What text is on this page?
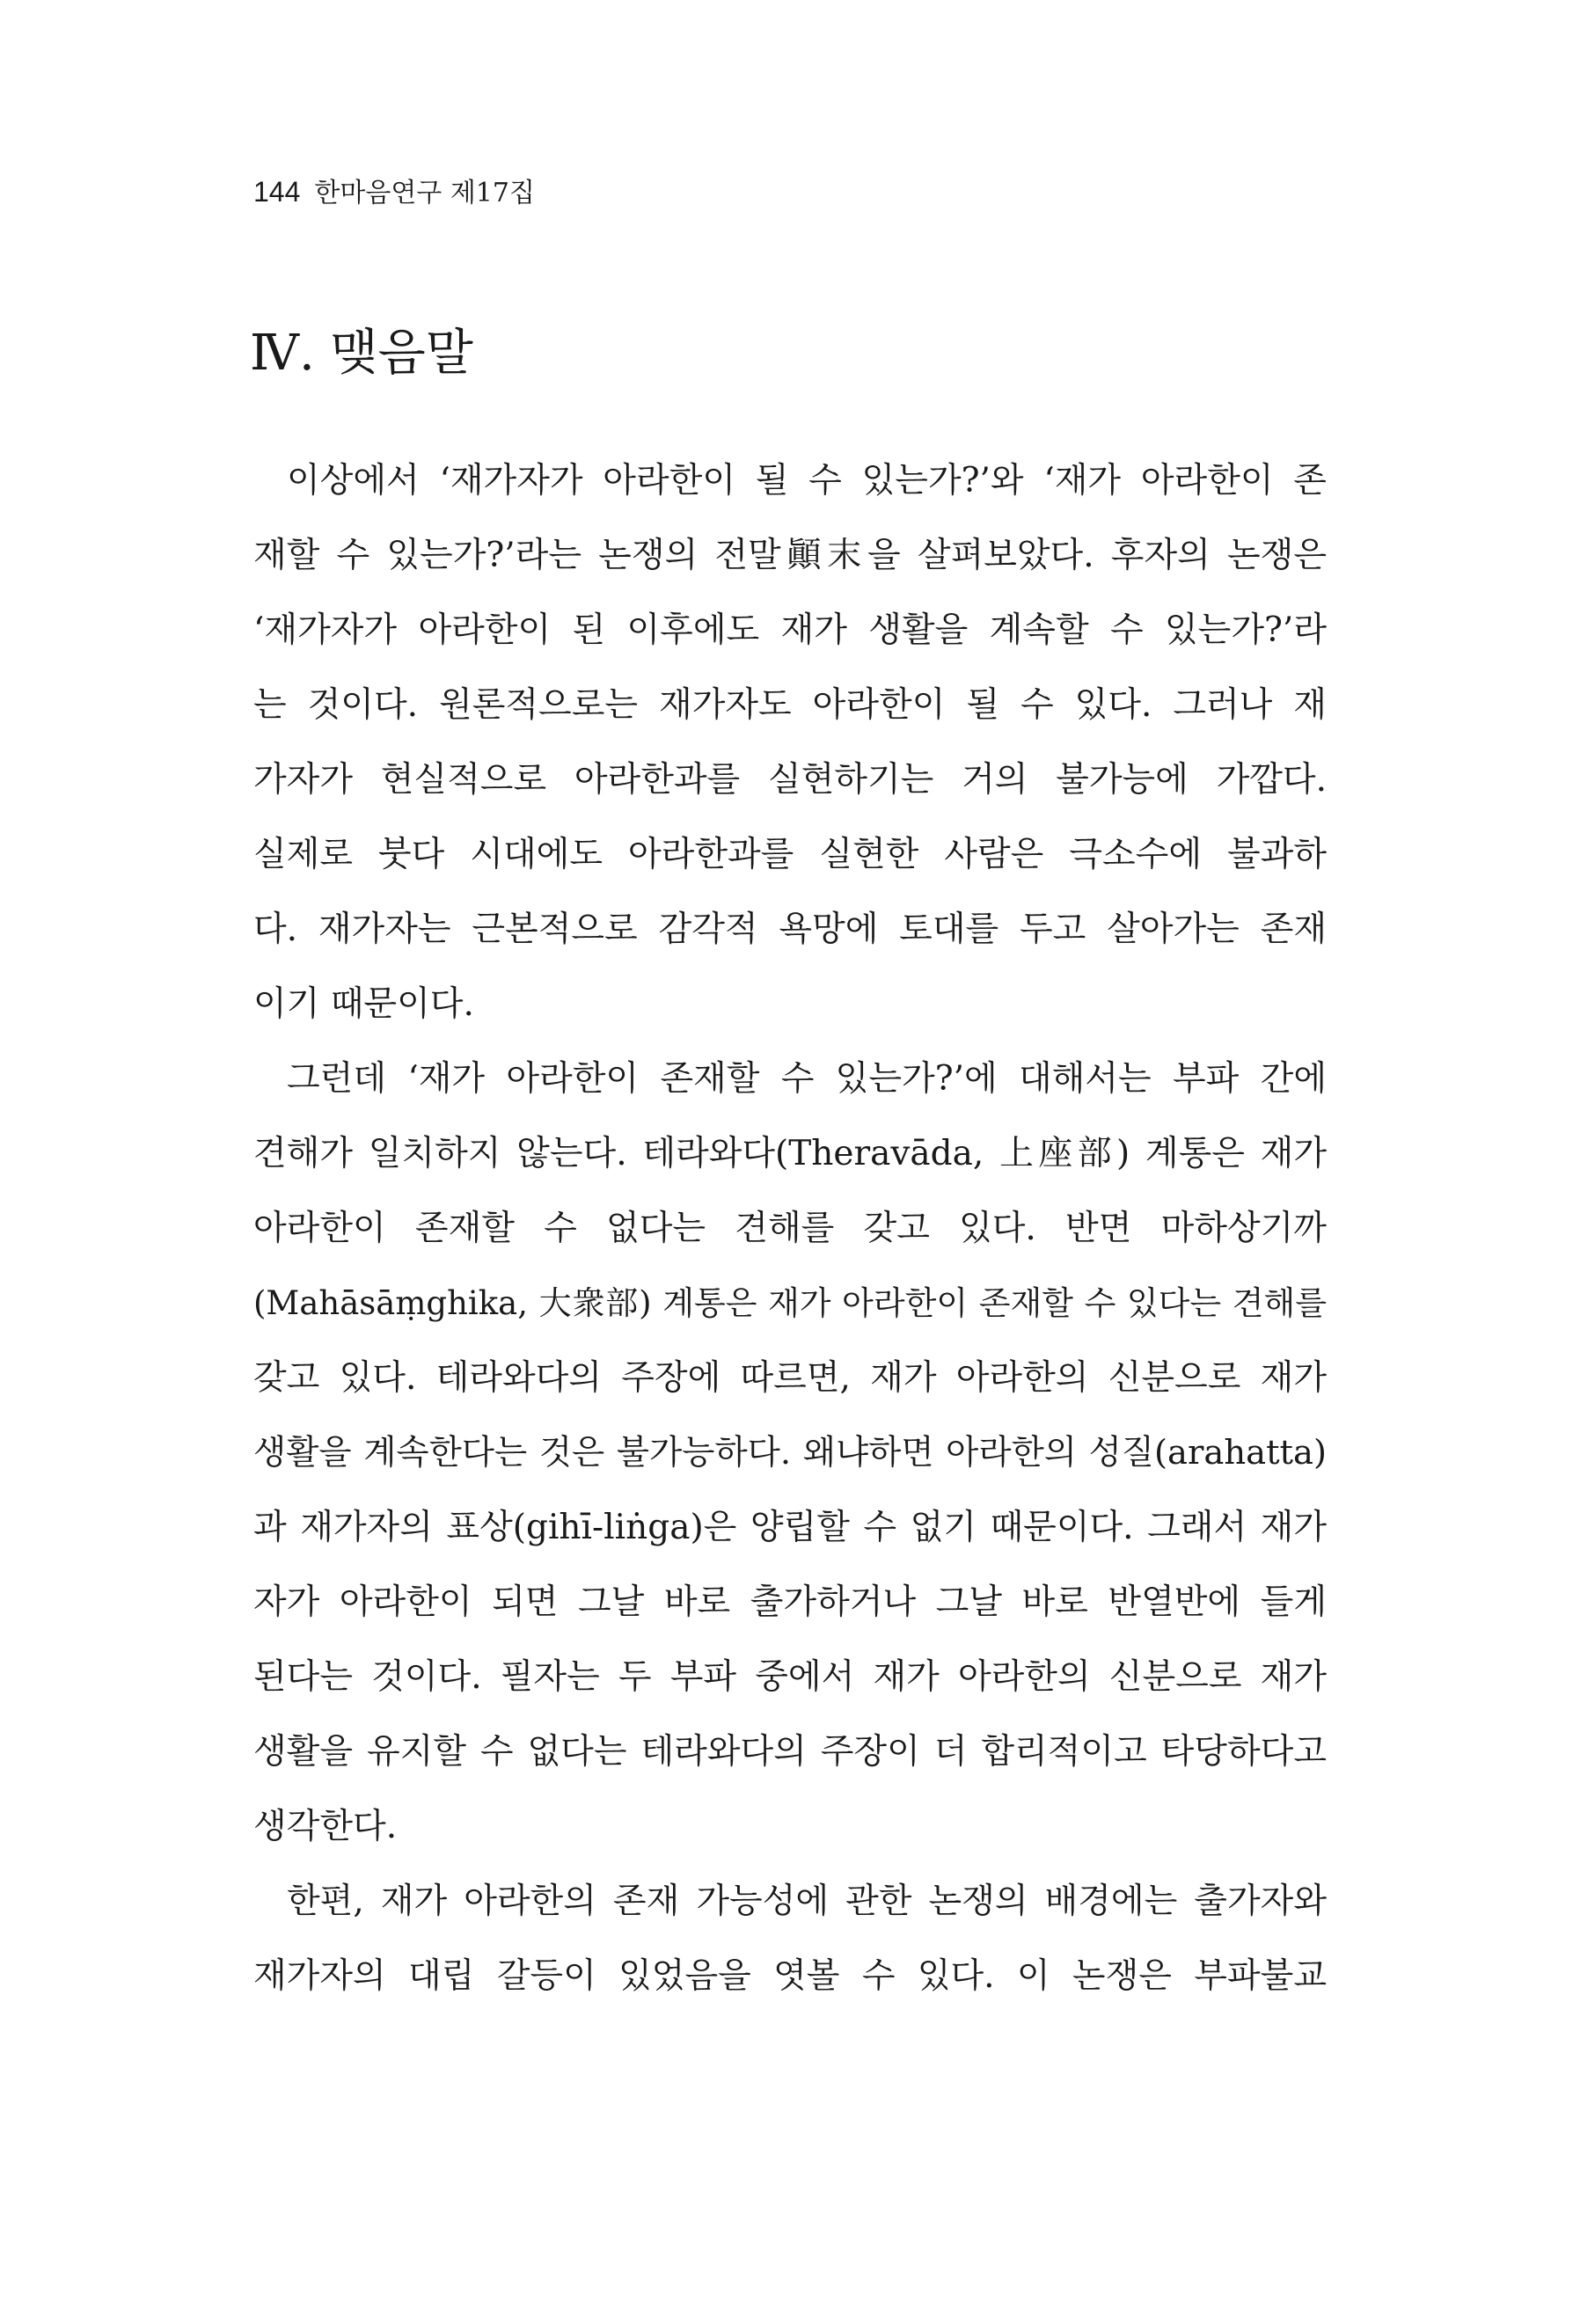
144 한마음연구 제17집
Ⅳ. 맺음말
이상에서 ‘재가자가 아라한이 될 수 있는가?’와 ‘재가 아라한이 존
재할 수 있는가?’라는 논쟁의 전말顚末을 살펴보았다. 후자의 논쟁은
‘재가자가 아라한이 된 이후에도 재가 생활을 계속할 수 있는가?’라
는 것이다. 원론적으로는 재가자도 아라한이 될 수 있다. 그러나 재
가자가 현실적으로 아라한과를 실현하기는 거의 불가능에 가깝다.
실제로 붓다 시대에도 아라한과를 실현한 사람은 극소수에 불과하
다. 재가자는 근본적으로 감각적 욕망에 토대를 두고 살아가는 존재
이기 때문이다.
그런데 ‘재가 아라한이 존재할 수 있는가?’에 대해서는 부파 간에
견해가 일치하지 않는다. 테라와다(Theravāda, 上座部) 계통은 재가
아라한이 존재할 수 없다는 견해를 갖고 있다. 반면 마하상기까
(Mahāsāṃghika, 大衆部) 계통은 재가 아라한이 존재할 수 있다는 견해를
갖고 있다. 테라와다의 주장에 따르면, 재가 아라한의 신분으로 재가
생활을 계속한다는 것은 불가능하다. 왜냐하면 아라한의 성질(arahatta)
과 재가자의 표상(gihī-liṅga)은 양립할 수 없기 때문이다. 그래서 재가
자가 아라한이 되면 그날 바로 출가하거나 그날 바로 반열반에 들게
된다는 것이다. 필자는 두 부파 중에서 재가 아라한의 신분으로 재가
생활을 유지할 수 없다는 테라와다의 주장이 더 합리적이고 타당하다고
생각한다.
한편, 재가 아라한의 존재 가능성에 관한 논쟁의 배경에는 출가자와
재가자의 대립 갈등이 있었음을 엿볼 수 있다. 이 논쟁은 부파불교
